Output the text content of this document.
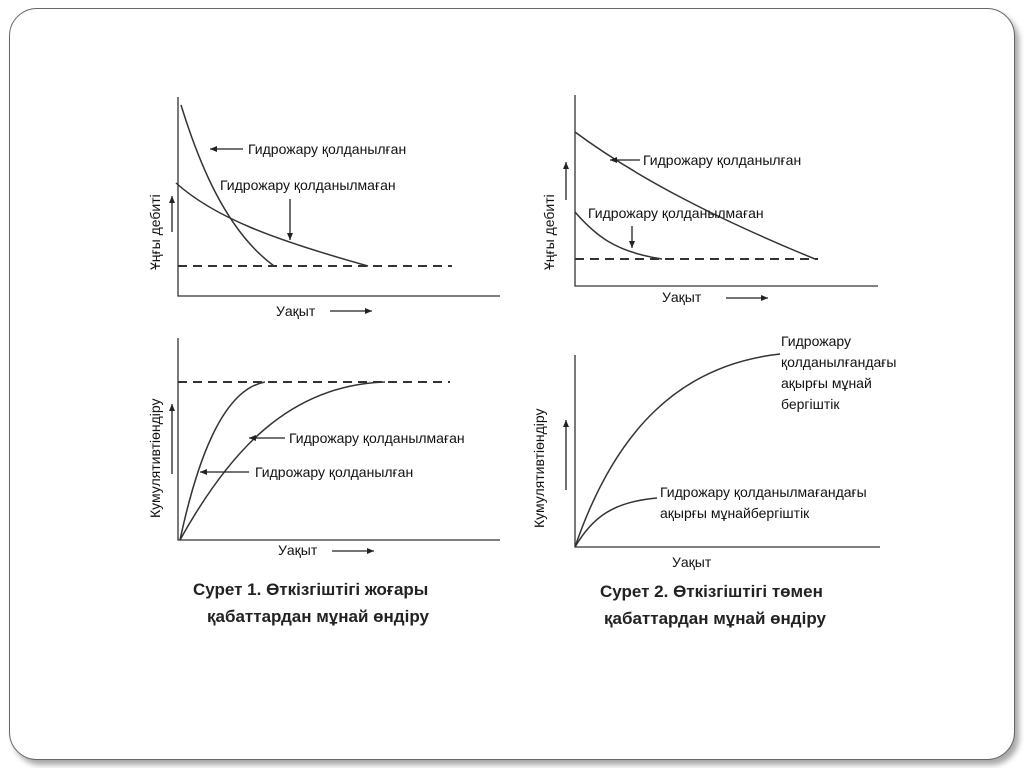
Ұңғы дебиті
Уақыт
Гидрожару қолданылған
Гидрожару қолданылмаған
Кумулятивтіөндіру
Уақыт
Гидрожару қолданылмаған
Гидрожару қолданылған
Сурет 1. Өткізгіштігі жоғары
қабаттардан мұнай өндіру
Ұңғы дебиті
Уақыт
Гидрожару қолданылған
Гидрожару қолданылмаған
Кумулятивтіөндіру
Уақыт
Гидрожару
қолданылғандағы
ақырғы мұнай
бергіштік
Гидрожару қолданылмағандағы
ақырғы мұнайбергіштік
Сурет 2. Өткізгіштігі төмен
қабаттардан мұнай өндіру
